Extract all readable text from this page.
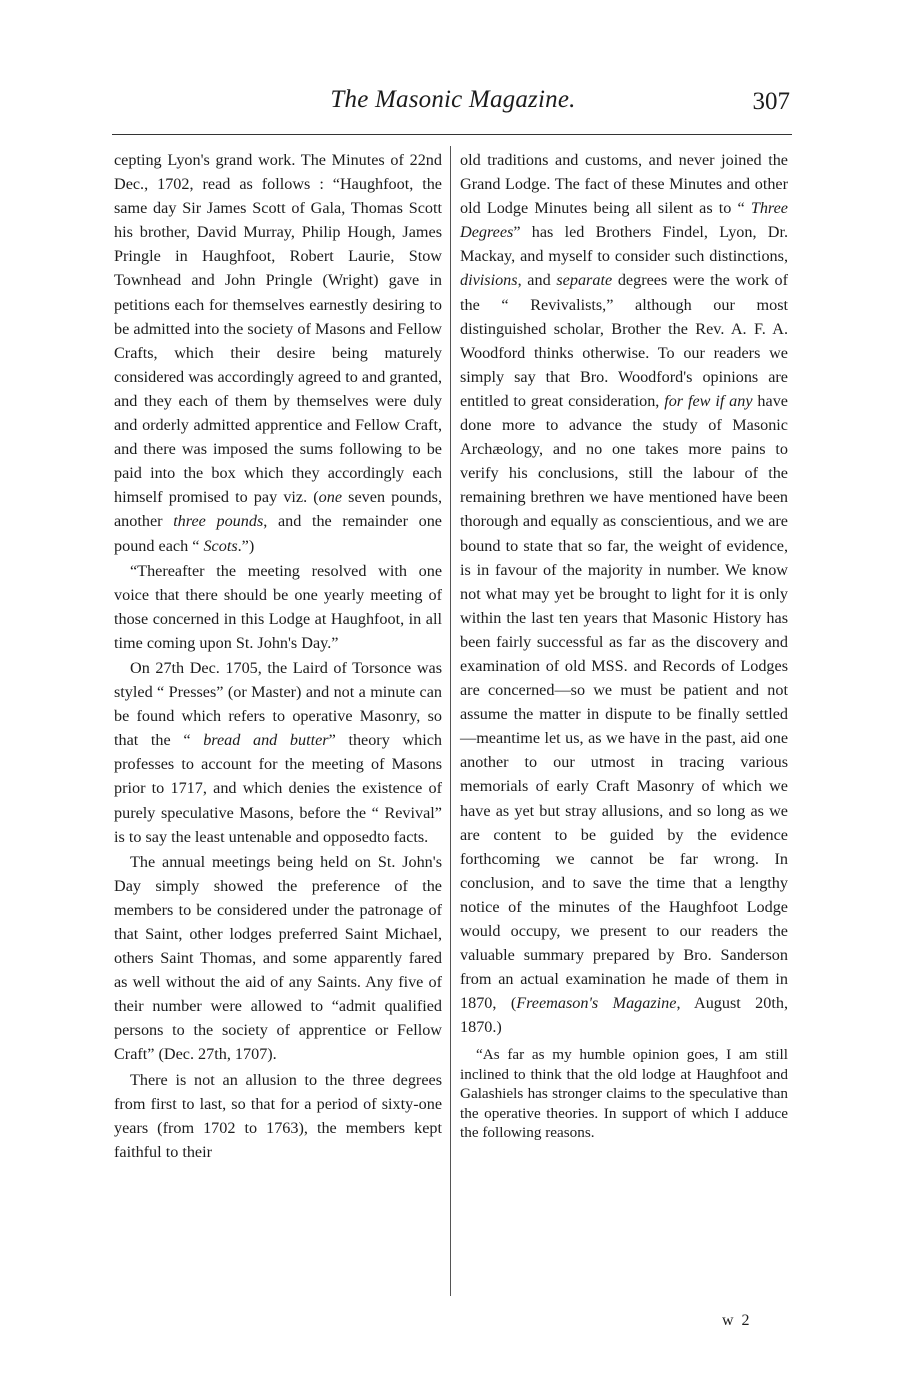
The Masonic Magazine.	307

cepting Lyon's grand work. The Minutes of 22nd Dec., 1702, read as follows : “Haughfoot, the same day Sir James Scott of Gala, Thomas Scott his brother, David Murray, Philip Hough, James Pringle in Haughfoot, Robert Laurie, Stow Townhead and John Pringle (Wright) gave in petitions each for themselves earnestly desiring to be admitted into the society of Masons and Fellow Crafts, which their desire being maturely considered was accordingly agreed to and granted, and they each of them by themselves were duly and orderly admitted apprentice and Fellow Craft, and there was imposed the sums following to be paid into the box which they accordingly each himself promised to pay viz. (one seven pounds, another three pounds, and the remainder one pound each “ Scots.”)

“Thereafter the meeting resolved with one voice that there should be one yearly meeting of those concerned in this Lodge at Haughfoot, in all time coming upon St. John's Day.”

On 27th Dec. 1705, the Laird of Torsonce was styled “ Presses” (or Master) and not a minute can be found which refers to operative Masonry, so that the “ bread and butter” theory which professes to account for the meeting of Masons prior to 1717, and which denies the existence of purely speculative Masons, before the “ Revival” is to say the least untenable and opposedto facts.

The annual meetings being held on St. John's Day simply showed the preference of the members to be considered under the patronage of that Saint, other lodges preferred Saint Michael, others Saint Thomas, and some apparently fared as well without the aid of any Saints. Any five of their number were allowed to “admit qualified persons to the society of apprentice or Fellow Craft” (Dec. 27th, 1707).

There is not an allusion to the three degrees from first to last, so that for a period of sixty-one years (from 1702 to 1763), the members kept faithful to their

old traditions and customs, and never joined the Grand Lodge. The fact of these Minutes and other old Lodge Minutes being all silent as to “ Three Degrees” has led Brothers Findel, Lyon, Dr. Mackay, and myself to consider such distinctions, divisions, and separate degrees were the work of the “ Revivalists,” although our most distinguished scholar, Brother the Rev. A. F. A. Woodford thinks otherwise. To our readers we simply say that Bro. Woodford's opinions are entitled to great consideration, for few if any have done more to advance the study of Masonic Archæology, and no one takes more pains to verify his conclusions, still the labour of the remaining brethren we have mentioned have been thorough and equally as conscientious, and we are bound to state that so far, the weight of evidence, is in favour of the majority in number. We know not what may yet be brought to light for it is only within the last ten years that Masonic History has been fairly successful as far as the discovery and examination of old MSS. and Records of Lodges are concerned—so we must be patient and not assume the matter in dispute to be finally settled—meantime let us, as we have in the past, aid one another to our utmost in tracing various memorials of early Craft Masonry of which we have as yet but stray allusions, and so long as we are content to be guided by the evidence forthcoming we cannot be far wrong. In conclusion, and to save the time that a lengthy notice of the minutes of the Haughfoot Lodge would occupy, we present to our readers the valuable summary prepared by Bro. Sanderson from an actual examination he made of them in 1870, (Freemason's Magazine, August 20th, 1870.)

“As far as my humble opinion goes, I am still inclined to think that the old lodge at Haughfoot and Galashiels has stronger claims to the speculative than the operative theories. In support of which I adduce the following reasons.

w 2
